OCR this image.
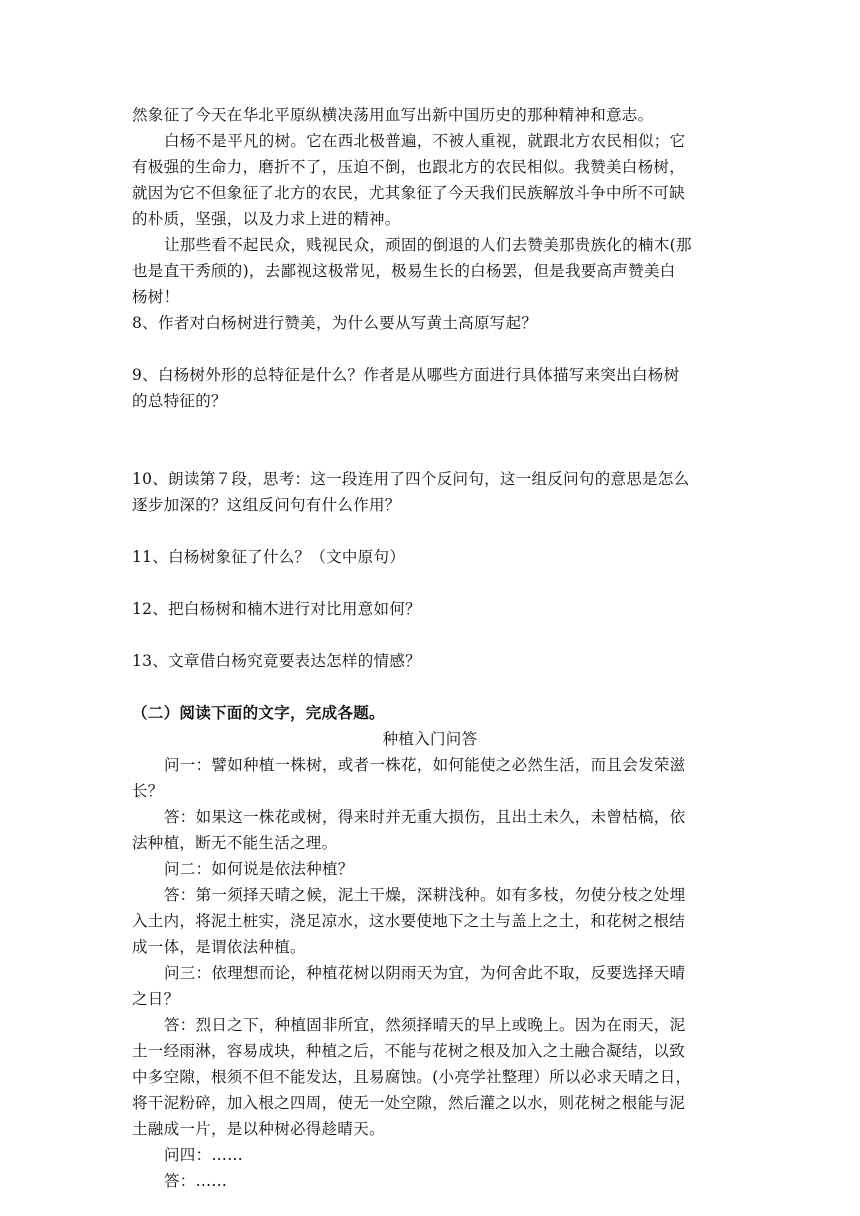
然象征了今天在华北平原纵横决荡用血写出新中国历史的那种精神和意志。
白杨不是平凡的树。它在西北极普遍，不被人重视，就跟北方农民相似；它
有极强的生命力，磨折不了，压迫不倒，也跟北方的农民相似。我赞美白杨树，
就因为它不但象征了北方的农民，尤其象征了今天我们民族解放斗争中所不可缺
的朴质，坚强，以及力求上进的精神。
让那些看不起民众，贱视民众，顽固的倒退的人们去赞美那贵族化的楠木(那
也是直干秀颀的)，去鄙视这极常见，极易生长的白杨罢，但是我要高声赞美白
杨树！
8、作者对白杨树进行赞美，为什么要从写黄土高原写起？
9、白杨树外形的总特征是什么？作者是从哪些方面进行具体描写来突出白杨树
的总特征的？
10、朗读第７段，思考：这一段连用了四个反问句，这一组反问句的意思是怎么
逐步加深的？这组反问句有什么作用？
11、白杨树象征了什么？（文中原句）
12、把白杨树和楠木进行对比用意如何？
13、文章借白杨究竟要表达怎样的情感？
（二）阅读下面的文字，完成各题。
种植入门问答
问一：譬如种植一株树，或者一株花，如何能使之必然生活，而且会发荣滋
长？
答：如果这一株花或树，得来时并无重大损伤，且出土未久，未曾枯槁，依
法种植，断无不能生活之理。
问二：如何说是依法种植？
答：第一须择天晴之候，泥土干燥，深耕浅种。如有多枝，勿使分枝之处埋
入土内，将泥土桩实，浇足凉水，这水要使地下之土与盖上之土，和花树之根结
成一体，是谓依法种植。
问三：依理想而论，种植花树以阴雨天为宜，为何舍此不取，反要选择天晴
之日？
答：烈日之下，种植固非所宜，然须择晴天的早上或晚上。因为在雨天，泥
土一经雨淋，容易成块，种植之后，不能与花树之根及加入之土融合凝结，以致
中多空隙，根须不但不能发达，且易腐蚀。(小亮学社整理）所以必求天晴之日，
将干泥粉碎，加入根之四周，使无一处空隙，然后灌之以水，则花树之根能与泥
土融成一片，是以种树必得趁晴天。
问四：……
答：……
